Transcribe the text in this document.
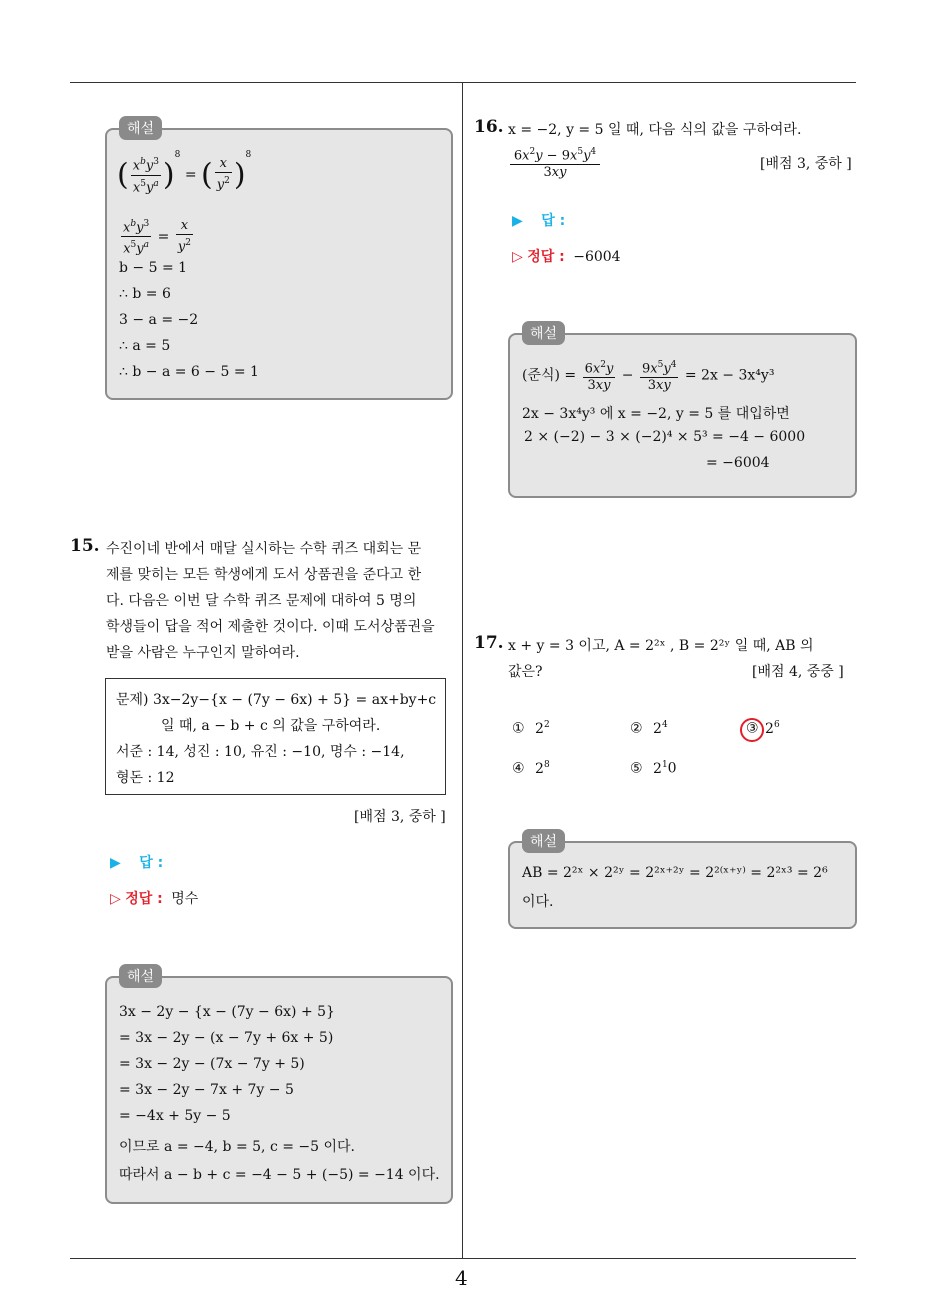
해설
( $\frac{x^by^3}{x^5y^a} )^8$ = ( $\frac{x}{y^2} )^8$
$\frac{x^by^3}{x^5y^a} = \frac{x}{y^2}$
b − 5 = 1
∴ b = 6
3 − a = −2
∴ a = 5
∴ b − a = 6 − 5 = 1
15. 수진이네 반에서 매달 실시하는 수학 퀴즈 대회는 문
제를 맞히는 모든 학생에게 도서 상품권을 준다고 한
다. 다음은 이번 달 수학 퀴즈 문제에 대하여 5 명의
학생들이 답을 적어 제출한 것이다. 이때 도서상품권을
받을 사람은 누구인지 말하여라.
문제) 3x−2y−{x − (7y − 6x) + 5} = ax+by+c
일 때, a − b + c 의 값을 구하여라.
서준 : 14, 성진 : 10, 유진 : −10, 명수 : −14,
형돈 : 12
[배점 3, 중하 ]
▶ 답 :
▷ 정답 : 명수
해설
3x − 2y − {x − (7y − 6x) + 5}
= 3x − 2y − (x − 7y + 6x + 5)
= 3x − 2y − (7x − 7y + 5)
= 3x − 2y − 7x + 7y − 5
= −4x + 5y − 5
이므로 a = −4, b = 5, c = −5 이다.
따라서 a − b + c = −4 − 5 + (−5) = −14 이다.
16. x = −2, y = 5 일 때, 다음 식의 값을 구하여라.
$\frac{6x^2y - 9x^5y^4}{3xy}$	[배점 3, 중하 ]
▶ 답 :
▷ 정답 : −6004
해설
(준식) = $\frac{6x^2y}{3xy} - \frac{9x^5y^4}{3xy} = 2x - 3x^4y^3$
2x − 3x⁴y³ 에 x = −2, y = 5 를 대입하면
2 × (−2) − 3 × (−2)⁴ × 5³ = −4 − 6000
= −6004
17. x + y = 3 이고, A = 2²ˣ , B = 2²ʸ 일 때, AB 의
값은?	[배점 4, 중중 ]
① $2^2$	② $2^4$	③ $2^6$
④ $2^8$	⑤ $2^10$
해설
AB = 2²ˣ × 2²ʸ = 2²ˣ⁺²ʸ = 2²⁽ˣ⁺ʸ⁾ = 2²ˣ³ = 2⁶
이다.
4
